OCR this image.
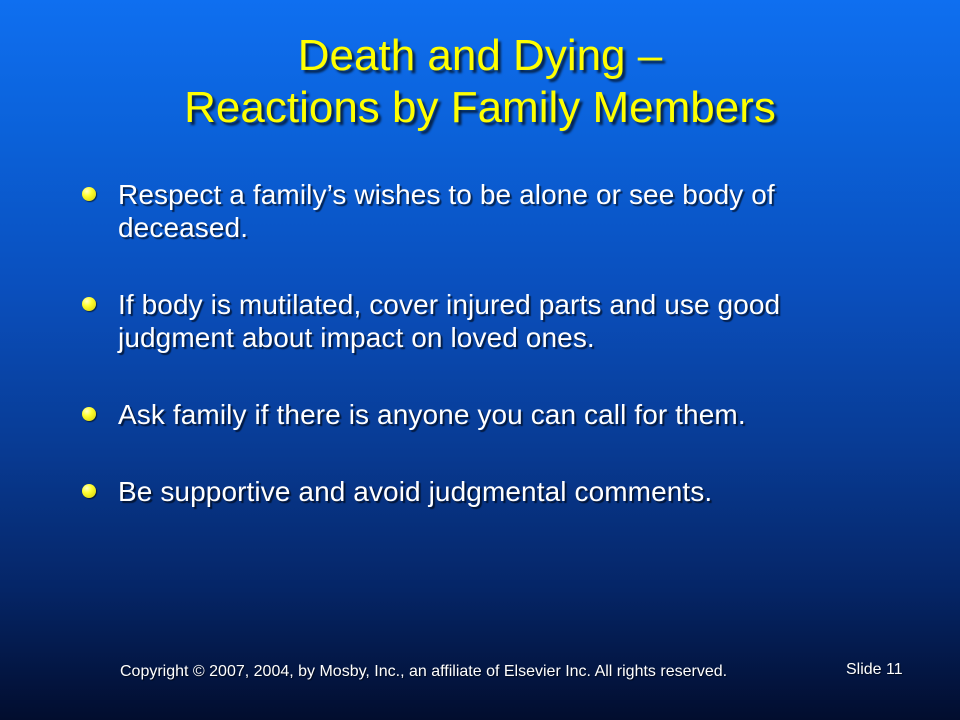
Death and Dying –
Reactions by Family Members
Respect a family’s wishes to be alone or see body of deceased.
If body is mutilated, cover injured parts and use good judgment about impact on loved ones.
Ask family if there is anyone you can call for them.
Be supportive and avoid judgmental comments.
Copyright © 2007, 2004, by Mosby, Inc., an affiliate of Elsevier Inc. All rights reserved.	Slide 11
